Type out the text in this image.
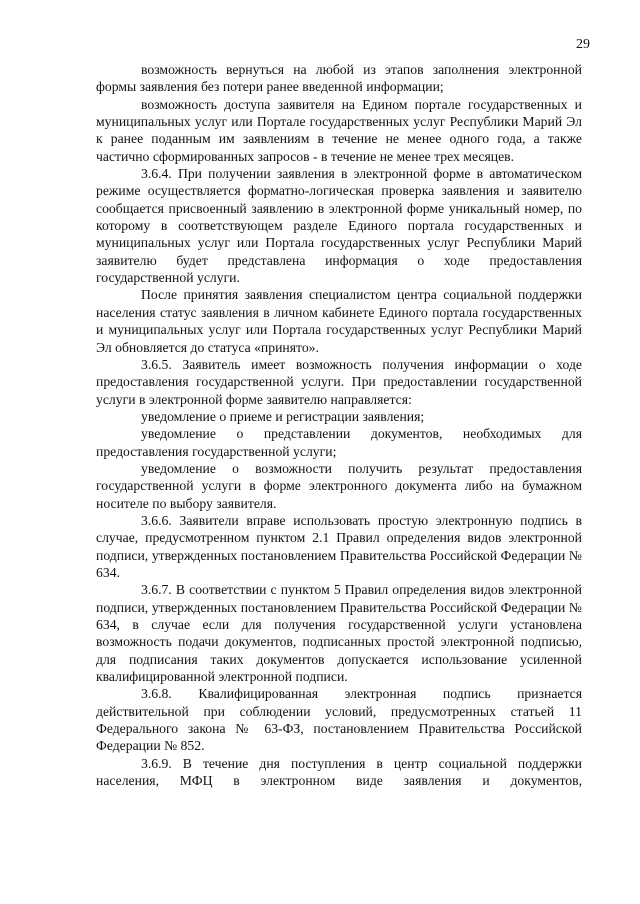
29

возможность вернуться на любой из этапов заполнения электронной формы заявления без потери ранее введенной информации;

возможность доступа заявителя на Едином портале государственных и муниципальных услуг или Портале государственных услуг Республики Марий Эл к ранее поданным им заявлениям в течение не менее одного года, а также частично сформированных запросов - в течение не менее трех месяцев.

3.6.4. При получении заявления в электронной форме в автоматическом режиме осуществляется форматно-логическая проверка заявления и заявителю сообщается присвоенный заявлению в электронной форме уникальный номер, по которому в соответствующем разделе Единого портала государственных и муниципальных услуг или Портала государственных услуг Республики Марий заявителю будет представлена информация о ходе предоставления государственной услуги.

После принятия заявления специалистом центра социальной поддержки населения статус заявления в личном кабинете Единого портала государственных и муниципальных услуг или Портала государственных услуг Республики Марий Эл обновляется до статуса «принято».

3.6.5. Заявитель имеет возможность получения информации о ходе предоставления государственной услуги. При предоставлении государственной услуги в электронной форме заявителю направляется:

уведомление о приеме и регистрации заявления;

уведомление о представлении документов, необходимых для предоставления государственной услуги;

уведомление о возможности получить результат предоставления государственной услуги в форме электронного документа либо на бумажном носителе по выбору заявителя.

3.6.6. Заявители вправе использовать простую электронную подпись в случае, предусмотренном пунктом 2.1 Правил определения видов электронной подписи, утвержденных постановлением Правительства Российской Федерации № 634.

3.6.7. В соответствии с пунктом 5 Правил определения видов электронной подписи, утвержденных постановлением Правительства Российской Федерации № 634, в случае если для получения государственной услуги установлена возможность подачи документов, подписанных простой электронной подписью, для подписания таких документов допускается использование усиленной квалифицированной электронной подписи.

3.6.8. Квалифицированная электронная подпись признается действительной при соблюдении условий, предусмотренных статьей 11 Федерального закона № 63-ФЗ, постановлением Правительства Российской Федерации № 852.

3.6.9. В течение дня поступления в центр социальной поддержки населения, МФЦ в электронном виде заявления и документов,
